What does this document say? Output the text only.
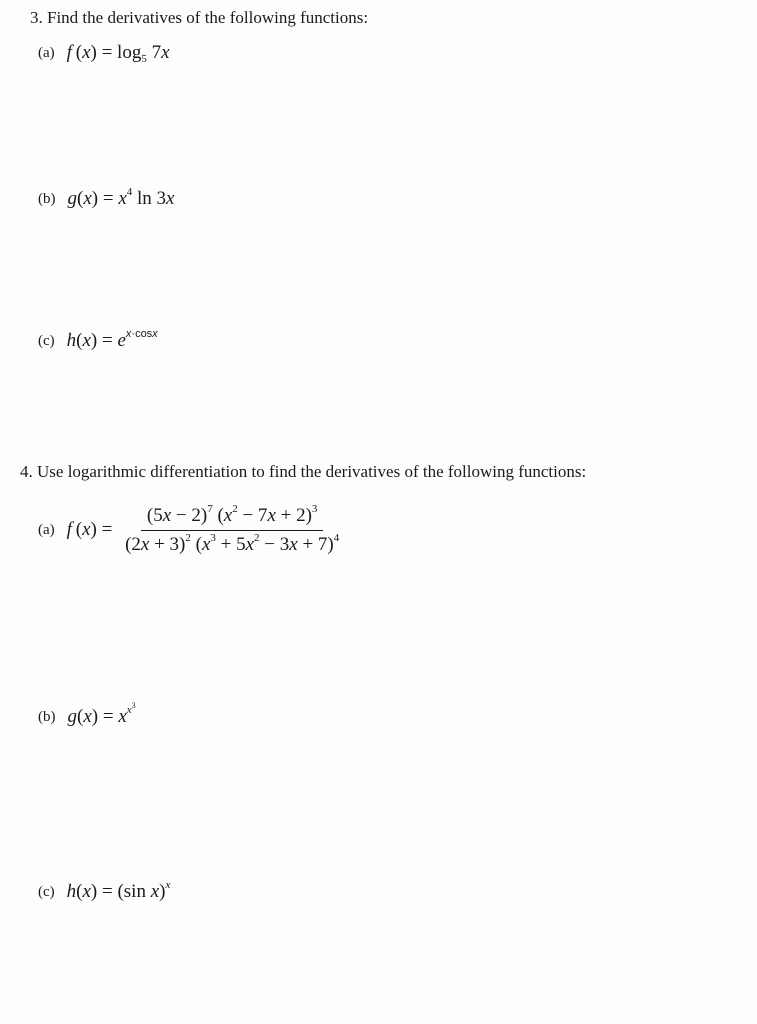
3. Find the derivatives of the following functions:
(a) f $(x) = \log_5 7x$
(b) $g(x) = x^4$ ln 3x
(c) $h(x) = e^{x\cdot cosx}$
4. Use logarithmic differentiation to find the derivatives of the following functions:
(a) f $(x) = \frac{(5x - 2)^7 (x^2 - 7x + 2)^3}{(2x + 3)^2 (x^3 + 5x^2 - 3x + 7)^4}$
(b) $g(x) = x^{x^3}$
(c) h(x) = (sin x)$^x$
